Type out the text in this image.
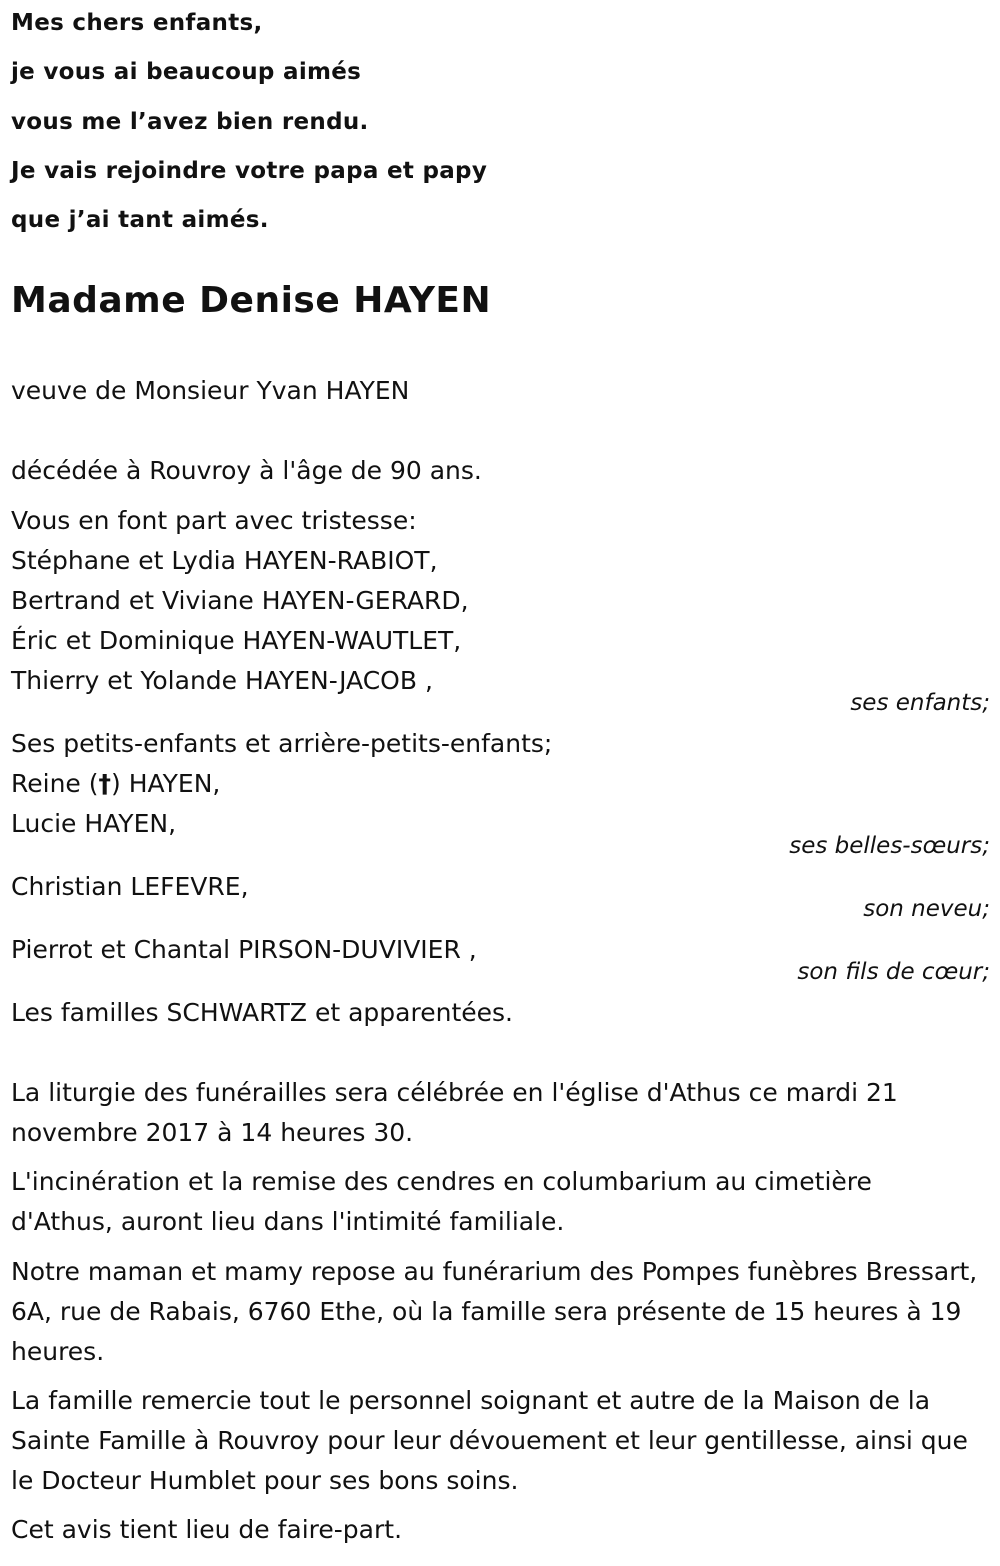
Mes chers enfants,

je vous ai beaucoup aimés

vous me l’avez bien rendu.

Je vais rejoindre votre papa et papy

que j’ai tant aimés.

Madame Denise HAYEN

veuve de Monsieur Yvan HAYEN

décédée à Rouvroy à l'âge de 90 ans.

Vous en font part avec tristesse:

Stéphane et Lydia HAYEN-RABIOT,

Bertrand et Viviane HAYEN-GERARD,

Éric et Dominique HAYEN-WAUTLET,

Thierry et Yolande HAYEN-JACOB ,

ses enfants;

Ses petits-enfants et arrière-petits-enfants;

Reine (†) HAYEN,

Lucie HAYEN,

ses belles-sœurs;

Christian LEFEVRE,

son neveu;

Pierrot et Chantal PIRSON-DUVIVIER ,

son fils de cœur;

Les familles SCHWARTZ et apparentées.

La liturgie des funérailles sera célébrée en l'église d'Athus ce mardi 21 novembre 2017 à 14 heures 30.

L'incinération et la remise des cendres en columbarium au cimetière d'Athus, auront lieu dans l'intimité familiale.

Notre maman et mamy repose au funérarium des Pompes funèbres Bressart, 6A, rue de Rabais, 6760 Ethe, où la famille sera présente de 15 heures à 19 heures.

La famille remercie tout le personnel soignant et autre de la Maison de la Sainte Famille à Rouvroy pour leur dévouement et leur gentillesse, ainsi que le Docteur Humblet pour ses bons soins.

Cet avis tient lieu de faire-part.
